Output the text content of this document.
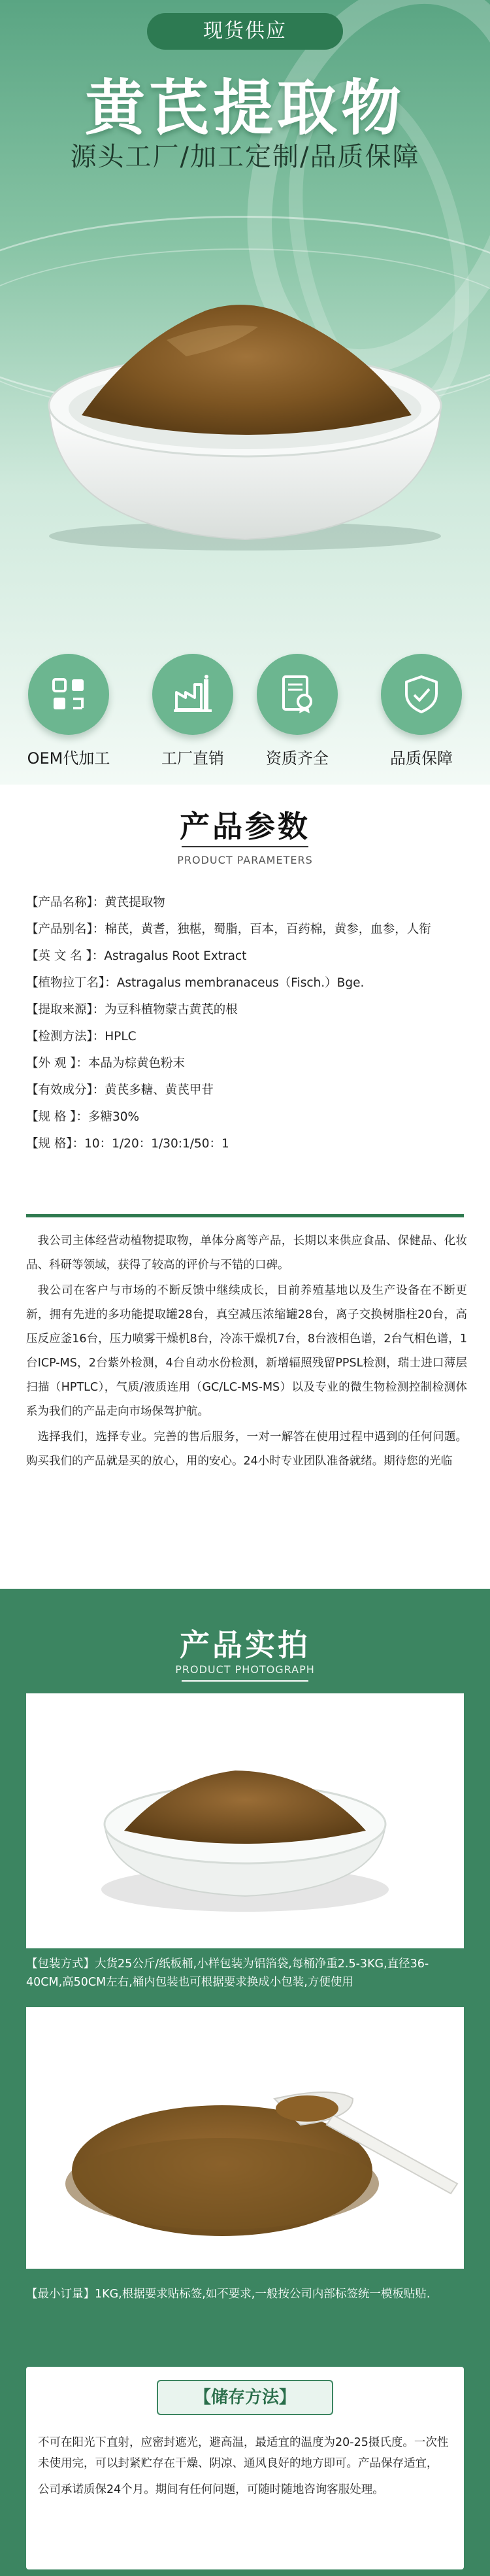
现货供应
黄芪提取物
源头工厂/加工定制/品质保障
OEM代加工	工厂直销	资质齐全	品质保障
产品参数
PRODUCT PARAMETERS
【产品名称】： 黄芪提取物
【产品别名】： 棉芪，黄耆，独椹，蜀脂，百本，百药棉，黄参，血参，人衔
【英 文 名 】： Astragalus Root Extract
【植物拉丁名】： Astragalus membranaceus（Fisch.）Bge.
【提取来源】： 为豆科植物蒙古黄芪的根
【检测方法】： HPLC
【外 观 】： 本品为棕黄色粉末
【有效成分】： 黄芪多糖、黄芪甲苷
【规 格 】： 多糖30%
【规 格】： 10：1/20：1/30:1/50：1

我公司主体经营动植物提取物，单体分离等产品，长期以来供应食品、保健品、化妆品、科研等领域，获得了较高的评价与不错的口碑。

我公司在客户与市场的不断反馈中继续成长，目前养殖基地以及生产设备在不断更新，拥有先进的多功能提取罐28台，真空减压浓缩罐28台，离子交换树脂柱20台，高压反应釜16台，压力喷雾干燥机8台，冷冻干燥机7台，8台液相色谱，2台气相色谱，1台ICP-MS，2台紫外检测，4台自动水份检测，新增辐照残留PPSL检测，瑞士进口薄层扫描（HPTLC），气质/液质连用（GC/LC-MS-MS）以及专业的微生物检测控制检测体系为我们的产品走向市场保驾护航。

选择我们，选择专业。完善的售后服务，一对一解答在使用过程中遇到的任何问题。购买我们的产品就是买的放心，用的安心。24小时专业团队准备就绪。期待您的光临

产品实拍
PRODUCT PHOTOGRAPH
【包装方式】大货25公斤/纸板桶,小样包装为铝箔袋,每桶净重2.5-3KG,直径36-40CM,高50CM左右,桶内包装也可根据要求换成小包装,方便使用
【最小订量】1KG,根据要求贴标签,如不要求,一般按公司内部标签统一模板贴贴.
【储存方法】

不可在阳光下直射，应密封遮光，避高温，最适宜的温度为20-25摄氏度。一次性未使用完，可以封紧贮存在干燥、阴凉、通风良好的地方即可。产品保存适宜，

公司承诺质保24个月。期间有任何问题，可随时随地咨询客服处理。
